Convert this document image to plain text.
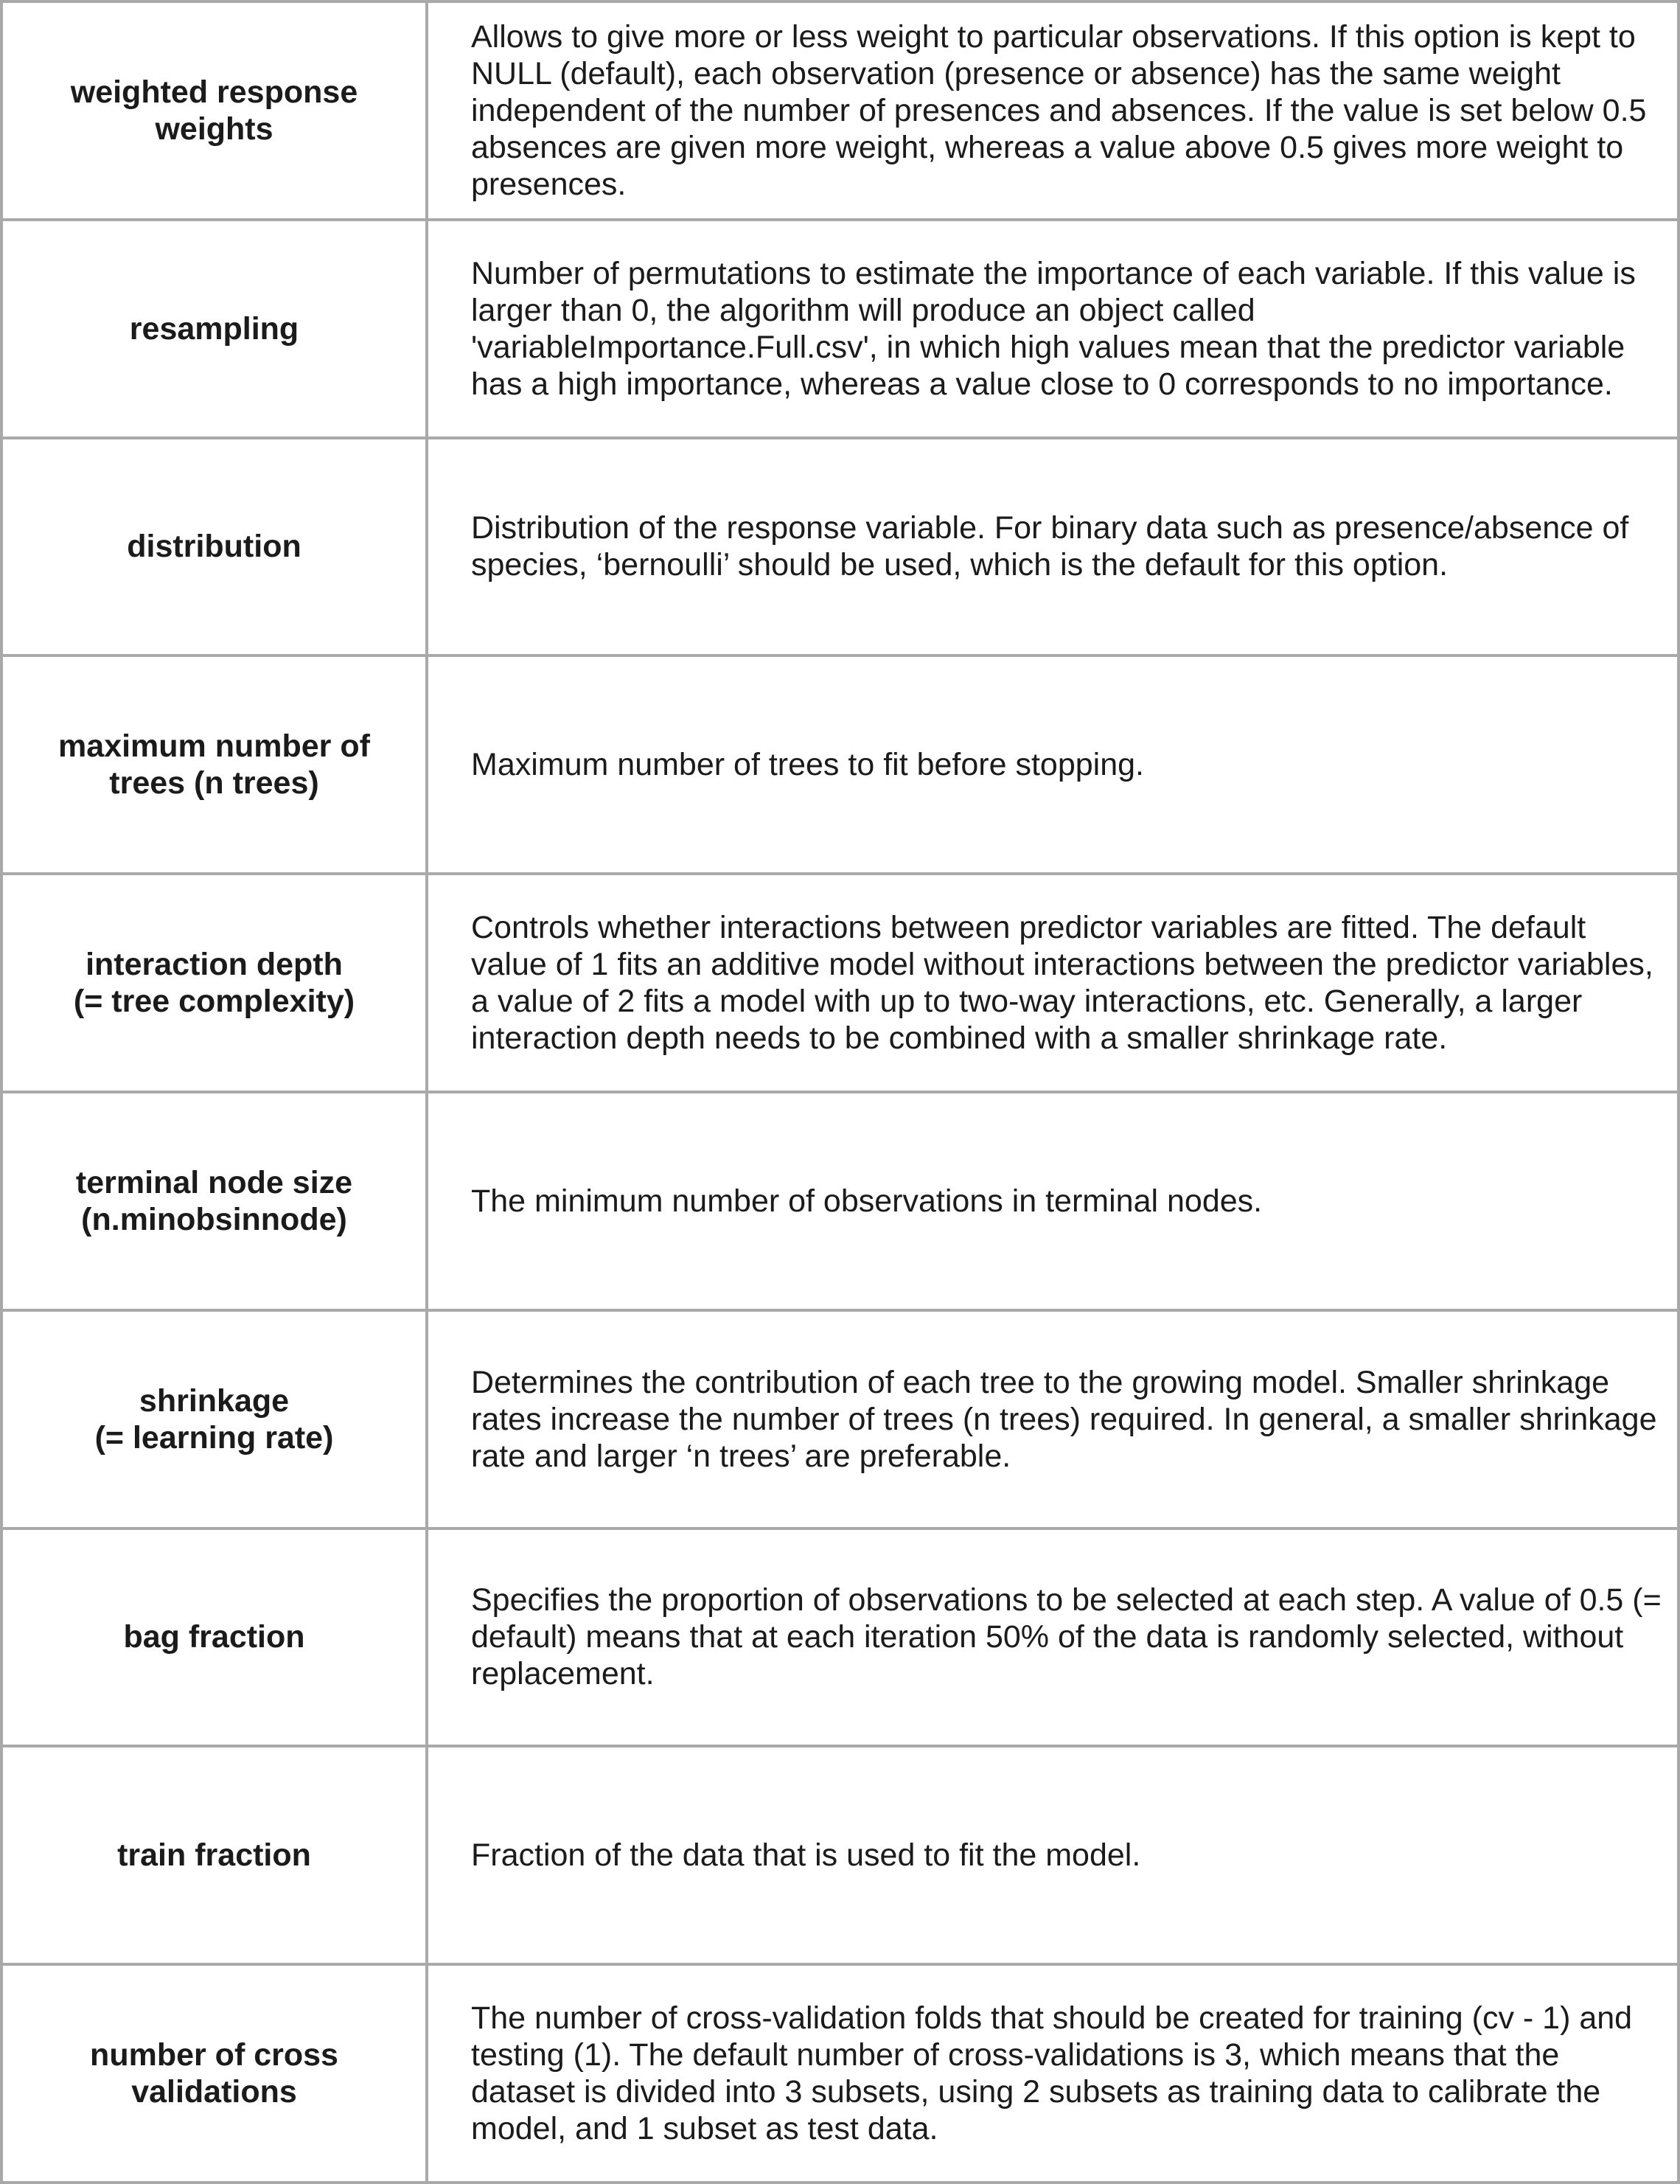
weighted response
weights	Allows to give more or less weight to particular observations. If this option is kept to NULL (default), each observation (presence or absence) has the same weight independent of the number of presences and absences. If the value is set below 0.5 absences are given more weight, whereas a value above 0.5 gives more weight to presences.

resampling	Number of permutations to estimate the importance of each variable. If this value is larger than 0, the algorithm will produce an object called 'variableImportance.Full.csv', in which high values mean that the predictor variable has a high importance, whereas a value close to 0 corresponds to no importance.

distribution	Distribution of the response variable. For binary data such as presence/absence of species, ‘bernoulli’ should be used, which is the default for this option.

maximum number of
trees (n trees)	Maximum number of trees to fit before stopping.

interaction depth
(= tree complexity)	Controls whether interactions between predictor variables are fitted. The default value of 1 fits an additive model without interactions between the predictor variables, a value of 2 fits a model with up to two-way interactions, etc. Generally, a larger interaction depth needs to be combined with a smaller shrinkage rate.

terminal node size
(n.minobsinnode)	The minimum number of observations in terminal nodes.

shrinkage
(= learning rate)	Determines the contribution of each tree to the growing model. Smaller shrinkage rates increase the number of trees (n trees) required. In general, a smaller shrinkage rate and larger ‘n trees’ are preferable.

bag fraction	Specifies the proportion of observations to be selected at each step. A value of 0.5 (= default) means that at each iteration 50% of the data is randomly selected, without replacement.

train fraction	Fraction of the data that is used to fit the model.

number of cross
validations	The number of cross-validation folds that should be created for training (cv - 1) and testing (1). The default number of cross-validations is 3, which means that the dataset is divided into 3 subsets, using 2 subsets as training data to calibrate the model, and 1 subset as test data.
